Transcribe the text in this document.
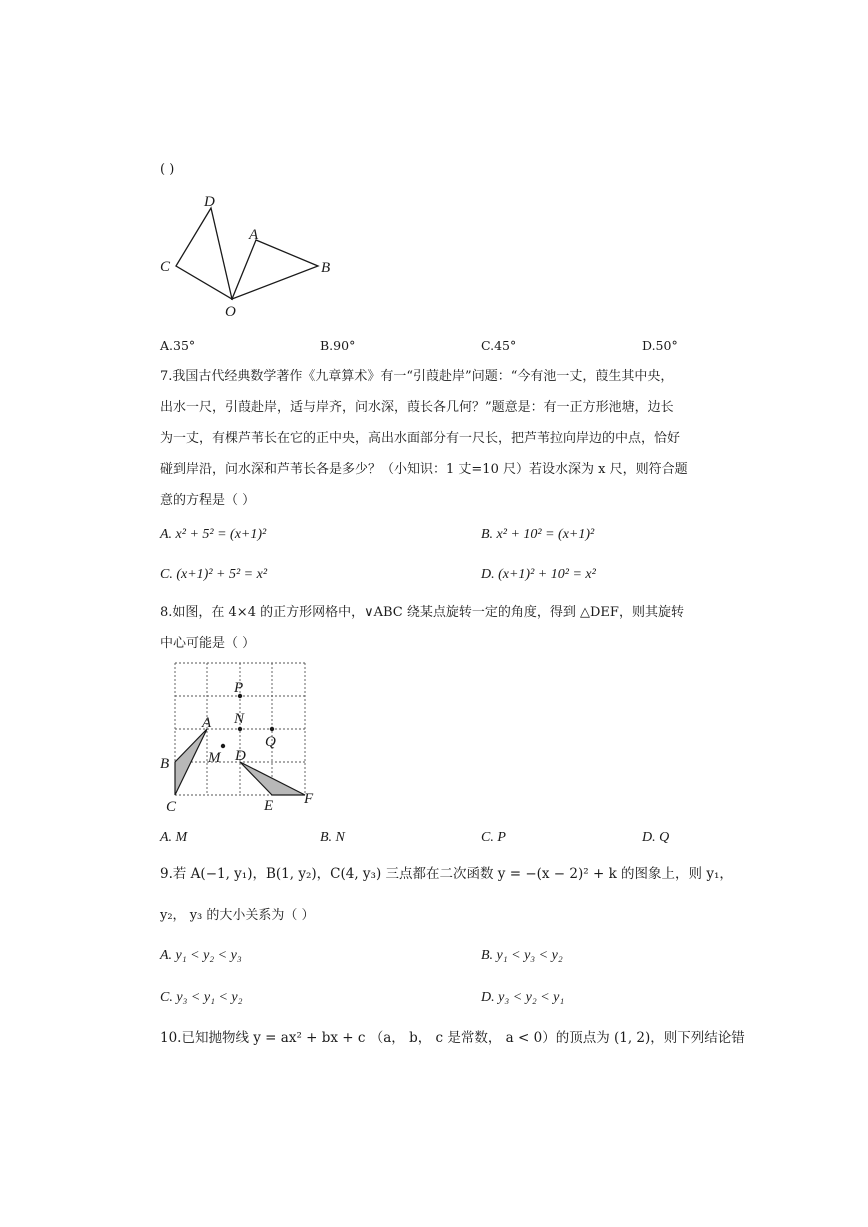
( )
D
A
C	B
O
A.35°	B.90°	C.45°	D.50°
7.我国古代经典数学著作《九章算术》有一“引葭赴岸”问题：“今有池一丈，葭生其中央，
出水一尺，引葭赴岸，适与岸齐，问水深，葭长各几何？”题意是：有一正方形池塘，边长
为一丈，有棵芦苇长在它的正中央，高出水面部分有一尺长，把芦苇拉向岸边的中点，恰好
碰到岸沿，问水深和芦苇长各是多少？（小知识：1 丈=10 尺）若设水深为 x 尺，则符合题
意的方程是（ ）
A. x² + 5² = (x+1)²	B. x² + 10² = (x+1)²
C. (x+1)² + 5² = x²	D. (x+1)² + 10² = x²
8.如图，在 4×4 的正方形网格中，∨ABC 绕某点旋转一定的角度，得到 △DEF，则其旋转
中心可能是（ ）
P
N
A
Q
M D
B
C	E F
A. M	B. N	C. P	D. Q
9.若 A(−1, y₁)，B(1, y₂)，C(4, y₃) 三点都在二次函数 y = −(x − 2)² + k 的图象上，则 y₁，
y₂， y₃ 的大小关系为（ ）
A. y₁ < y₂ < y₃	B. y₁ < y₃ < y₂
C. y₃ < y₁ < y₂	D. y₃ < y₂ < y₁
10.已知抛物线 y = ax² + bx + c （a， b， c 是常数， a < 0）的顶点为 (1, 2)，则下列结论错
